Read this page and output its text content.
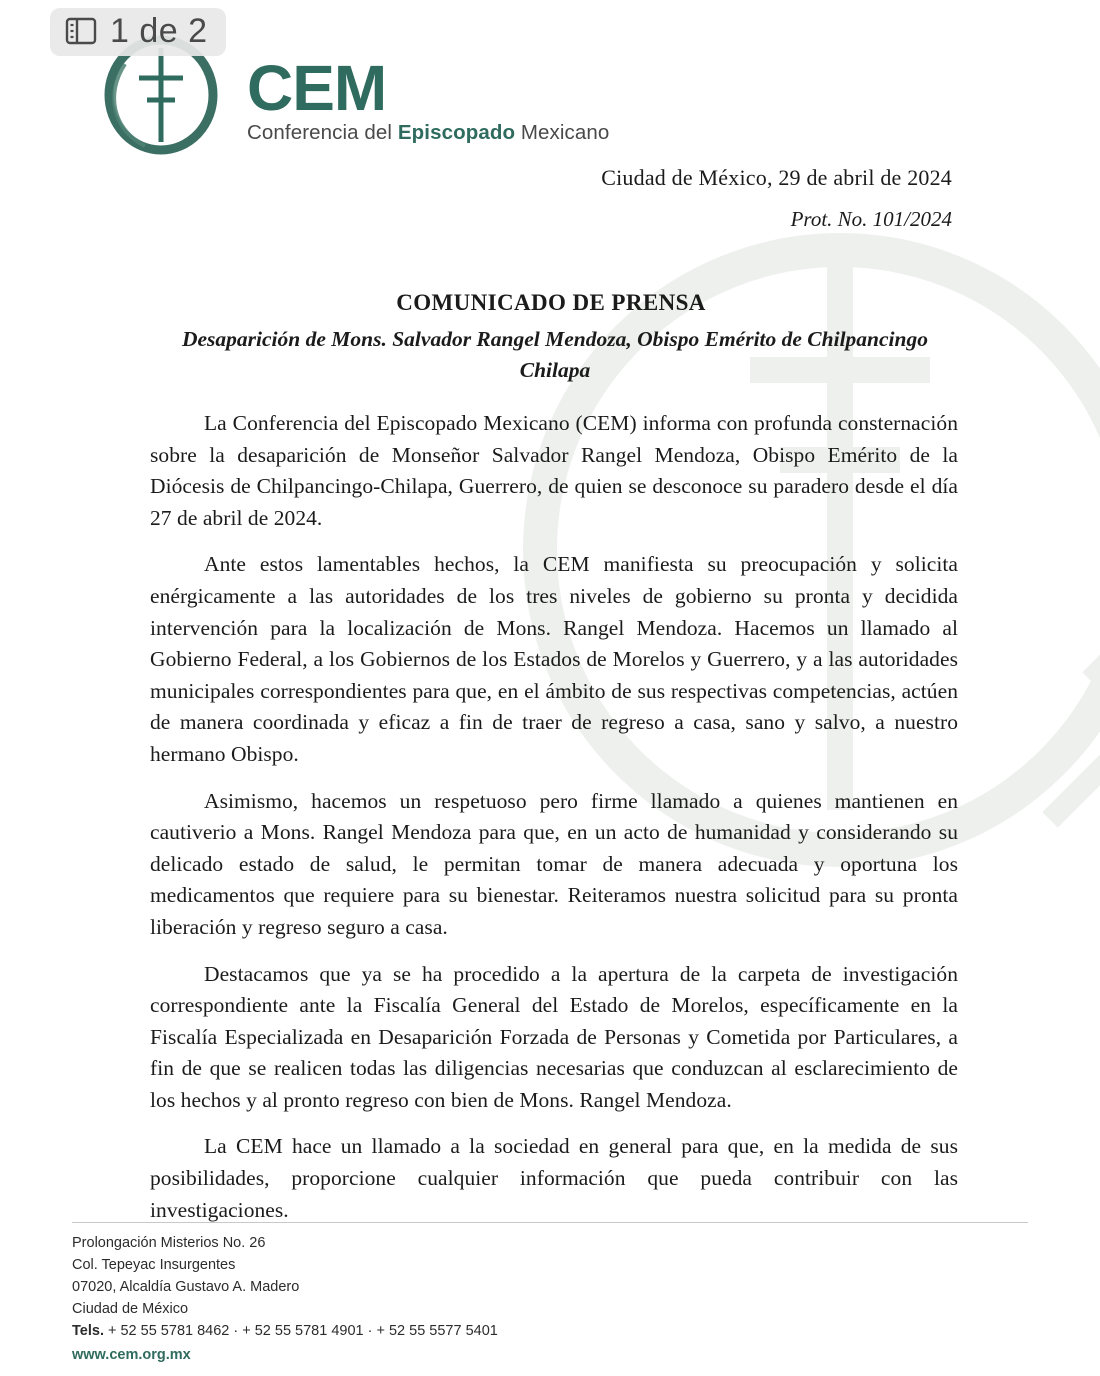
CEM
Conferencia del Episcopado Mexicano
Ciudad de México, 29 de abril de 2024
Prot. No. 101/2024
COMUNICADO DE PRENSA
Desaparición de Mons. Salvador Rangel Mendoza, Obispo Emérito de Chilpancingo Chilapa

La Conferencia del Episcopado Mexicano (CEM) informa con profunda consternación sobre la desaparición de Monseñor Salvador Rangel Mendoza, Obispo Emérito de la Diócesis de Chilpancingo-Chilapa, Guerrero, de quien se desconoce su paradero desde el día 27 de abril de 2024.

Ante estos lamentables hechos, la CEM manifiesta su preocupación y solicita enérgicamente a las autoridades de los tres niveles de gobierno su pronta y decidida intervención para la localización de Mons. Rangel Mendoza. Hacemos un llamado al Gobierno Federal, a los Gobiernos de los Estados de Morelos y Guerrero, y a las autoridades municipales correspondientes para que, en el ámbito de sus respectivas competencias, actúen de manera coordinada y eficaz a fin de traer de regreso a casa, sano y salvo, a nuestro hermano Obispo.

Asimismo, hacemos un respetuoso pero firme llamado a quienes mantienen en cautiverio a Mons. Rangel Mendoza para que, en un acto de humanidad y considerando su delicado estado de salud, le permitan tomar de manera adecuada y oportuna los medicamentos que requiere para su bienestar. Reiteramos nuestra solicitud para su pronta liberación y regreso seguro a casa.

Destacamos que ya se ha procedido a la apertura de la carpeta de investigación correspondiente ante la Fiscalía General del Estado de Morelos, específicamente en la Fiscalía Especializada en Desaparición Forzada de Personas y Cometida por Particulares, a fin de que se realicen todas las diligencias necesarias que conduzcan al esclarecimiento de los hechos y al pronto regreso con bien de Mons. Rangel Mendoza.

La CEM hace un llamado a la sociedad en general para que, en la medida de sus posibilidades, proporcione cualquier información que pueda contribuir con las investigaciones.

Prolongación Misterios No. 26
Col. Tepeyac Insurgentes
07020, Alcaldía Gustavo A. Madero
Ciudad de México
Tels. + 52 55 5781 8462 · + 52 55 5781 4901 · + 52 55 5577 5401
www.cem.org.mx
1 de 2
